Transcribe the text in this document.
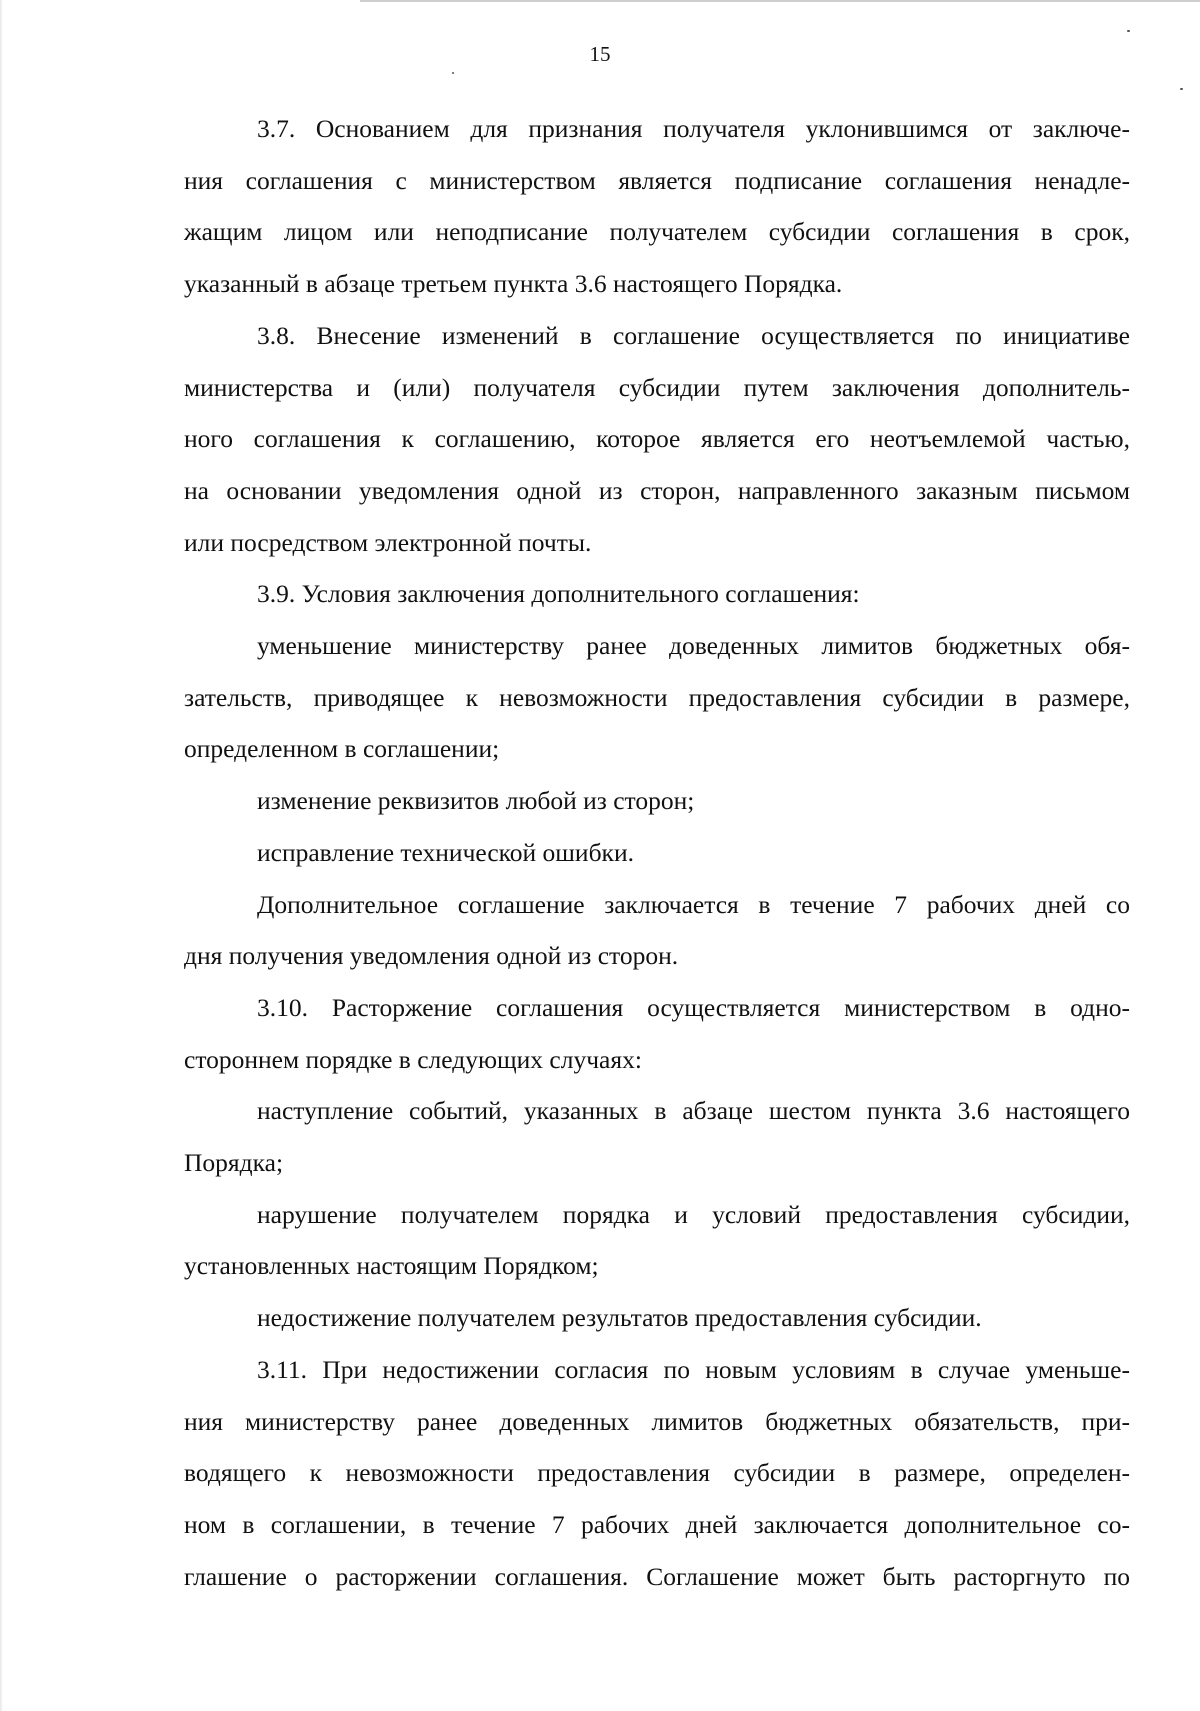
15
3.7. Основанием для признания получателя уклонившимся от заключе-
ния соглашения с министерством является подписание соглашения ненадле-
жащим лицом или неподписание получателем субсидии соглашения в срок,
указанный в абзаце третьем пункта 3.6 настоящего Порядка.
3.8. Внесение изменений в соглашение осуществляется по инициативе
министерства и (или) получателя субсидии путем заключения дополнитель-
ного соглашения к соглашению, которое является его неотъемлемой частью,
на основании уведомления одной из сторон, направленного заказным письмом
или посредством электронной почты.
3.9. Условия заключения дополнительного соглашения:
уменьшение министерству ранее доведенных лимитов бюджетных обя-
зательств, приводящее к невозможности предоставления субсидии в размере,
определенном в соглашении;
изменение реквизитов любой из сторон;
исправление технической ошибки.
Дополнительное соглашение заключается в течение 7 рабочих дней со
дня получения уведомления одной из сторон.
3.10. Расторжение соглашения осуществляется министерством в одно-
стороннем порядке в следующих случаях:
наступление событий, указанных в абзаце шестом пункта 3.6 настоящего
Порядка;
нарушение получателем порядка и условий предоставления субсидии,
установленных настоящим Порядком;
недостижение получателем результатов предоставления субсидии.
3.11. При недостижении согласия по новым условиям в случае уменьше-
ния министерству ранее доведенных лимитов бюджетных обязательств, при-
водящего к невозможности предоставления субсидии в размере, определен-
ном в соглашении, в течение 7 рабочих дней заключается дополнительное со-
глашение о расторжении соглашения. Соглашение может быть расторгнуто по
